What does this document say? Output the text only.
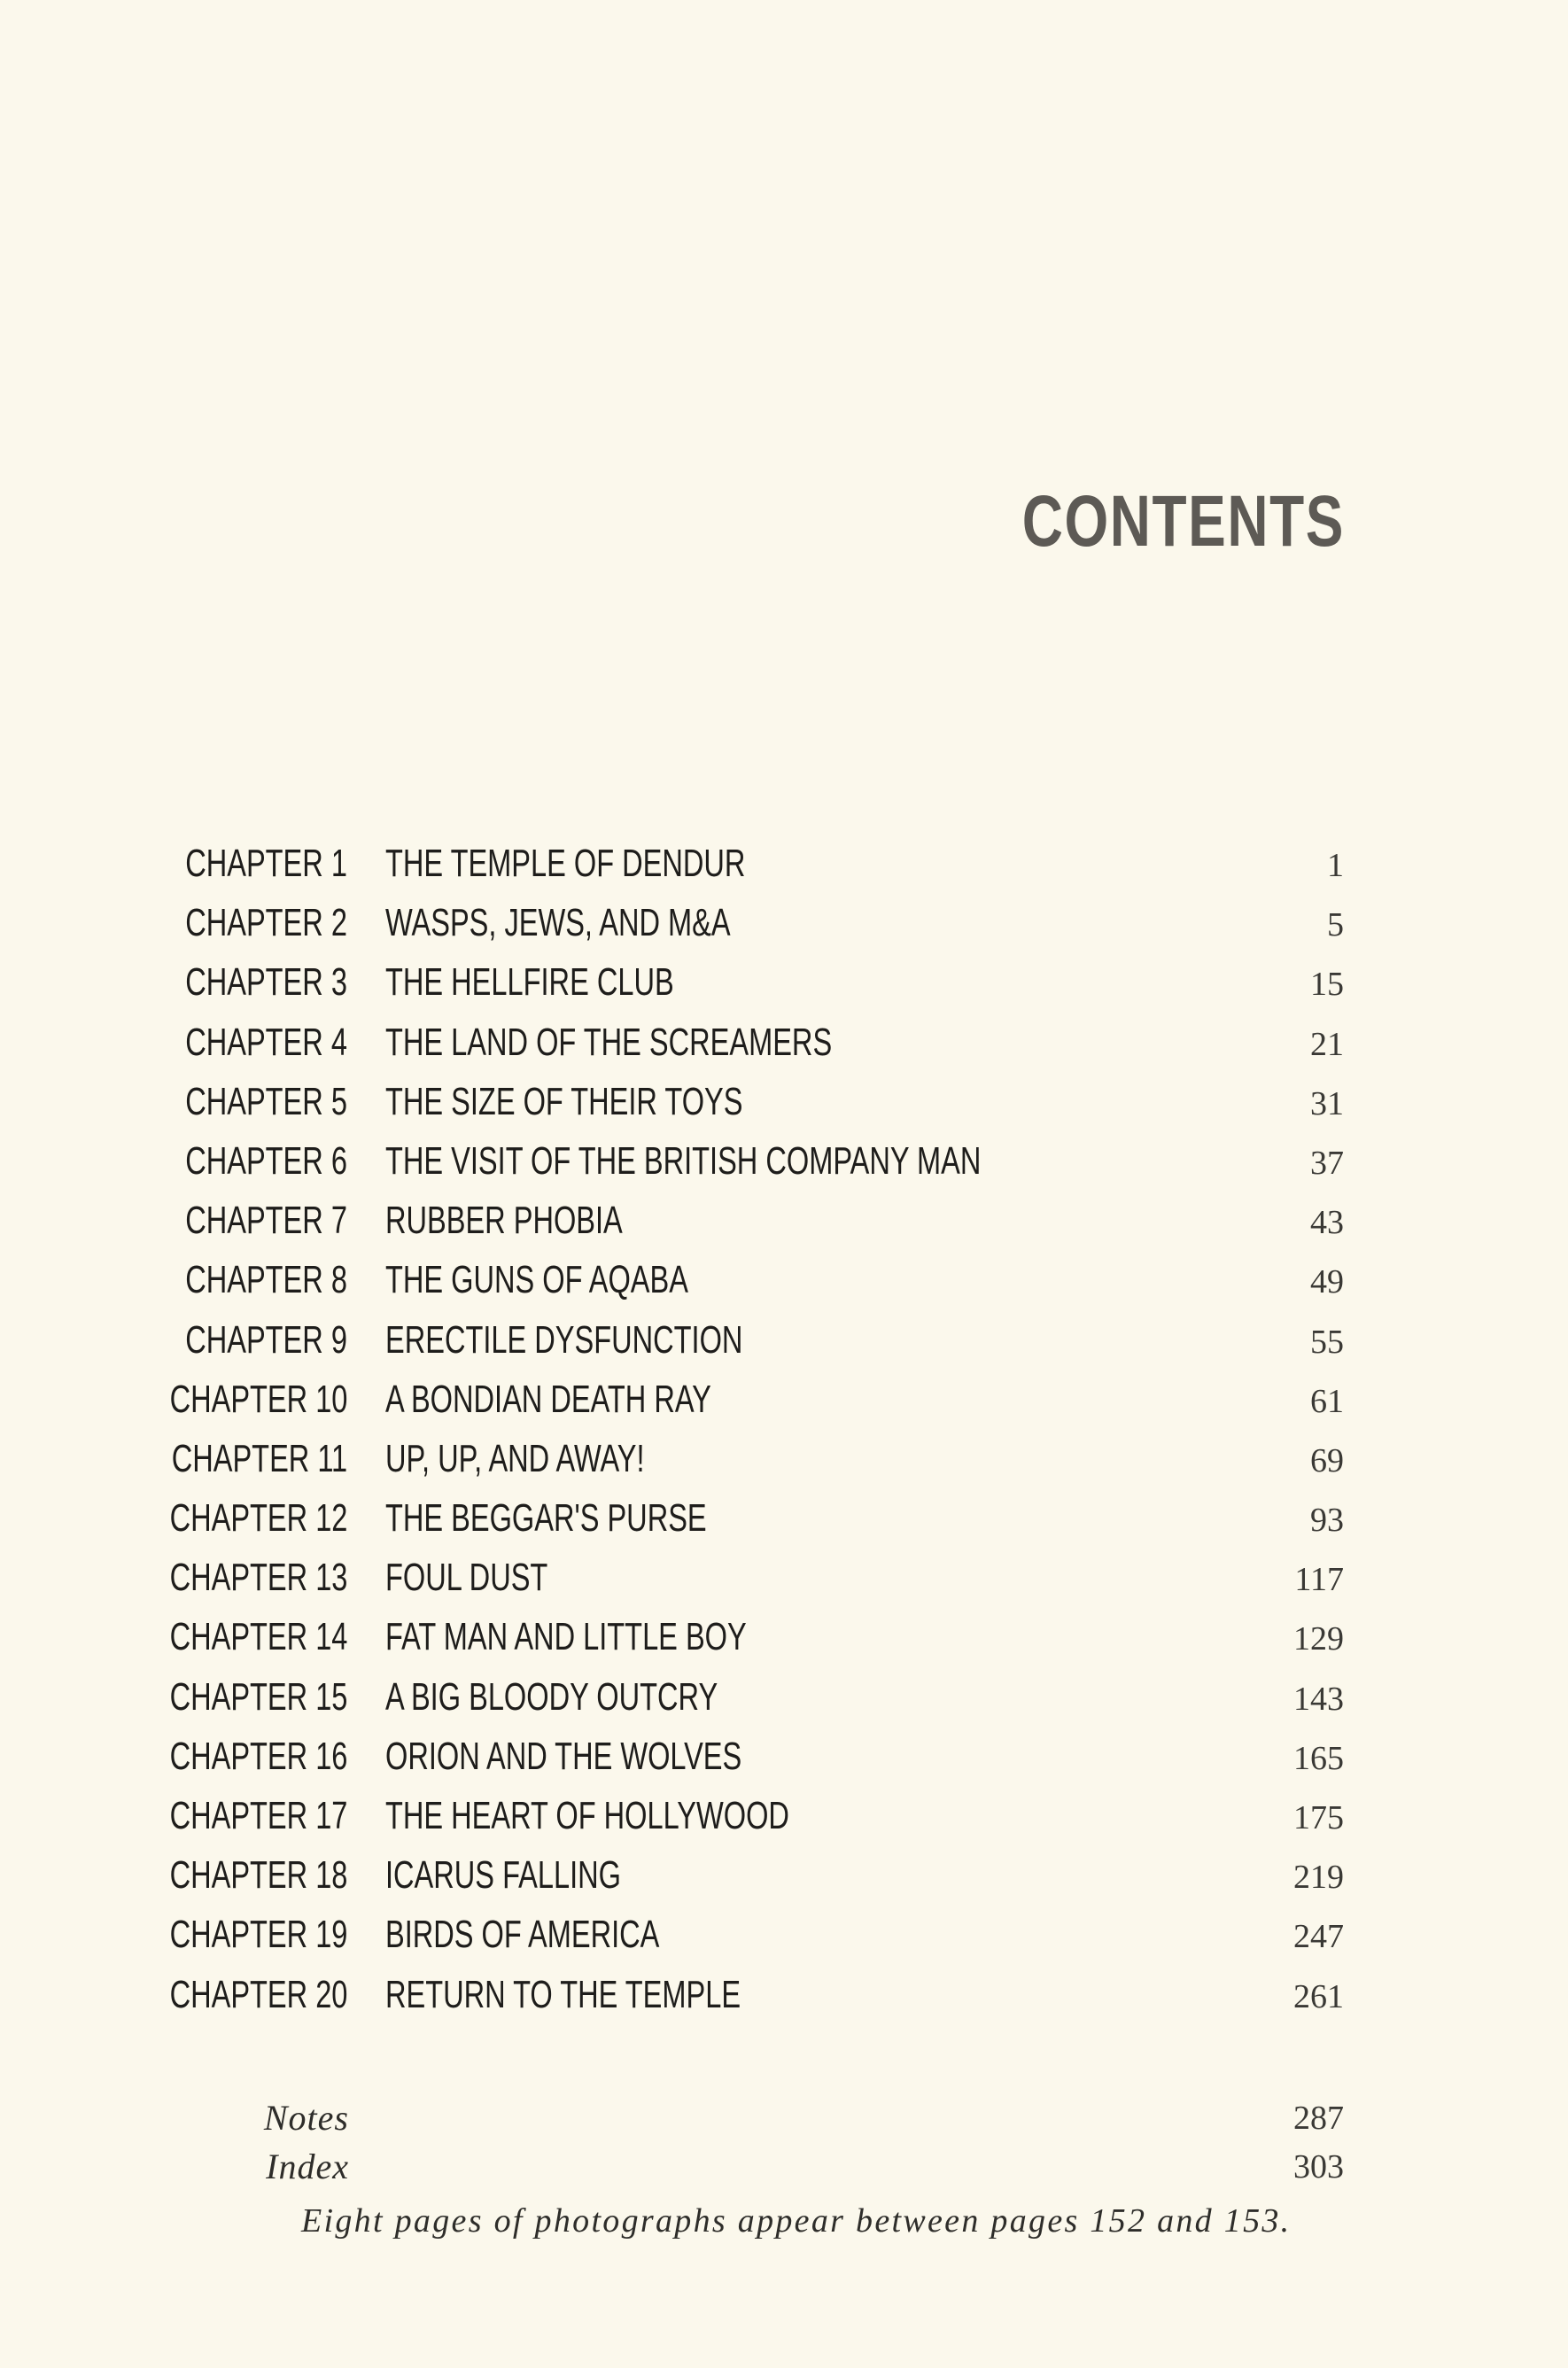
CONTENTS
CHAPTER 1 THE TEMPLE OF DENDUR	1
CHAPTER 2 WASPS, JEWS, AND M&A	5
CHAPTER 3 THE HELLFIRE CLUB	15
CHAPTER 4 THE LAND OF THE SCREAMERS	21
CHAPTER 5 THE SIZE OF THEIR TOYS	31
CHAPTER 6 THE VISIT OF THE BRITISH COMPANY MAN	37
CHAPTER 7 RUBBER PHOBIA	43
CHAPTER 8 THE GUNS OF AQABA	49
CHAPTER 9 ERECTILE DYSFUNCTION	55
CHAPTER 10 A BONDIAN DEATH RAY	61
CHAPTER 11 UP, UP, AND AWAY!	69
CHAPTER 12 THE BEGGAR'S PURSE	93
CHAPTER 13 FOUL DUST	117
CHAPTER 14 FAT MAN AND LITTLE BOY	129
CHAPTER 15 A BIG BLOODY OUTCRY	143
CHAPTER 16 ORION AND THE WOLVES	165
CHAPTER 17 THE HEART OF HOLLYWOOD	175
CHAPTER 18 ICARUS FALLING	219
CHAPTER 19 BIRDS OF AMERICA	247
CHAPTER 20 RETURN TO THE TEMPLE	261
Notes	287
Index	303
Eight pages of photographs appear between pages 152 and 153.
